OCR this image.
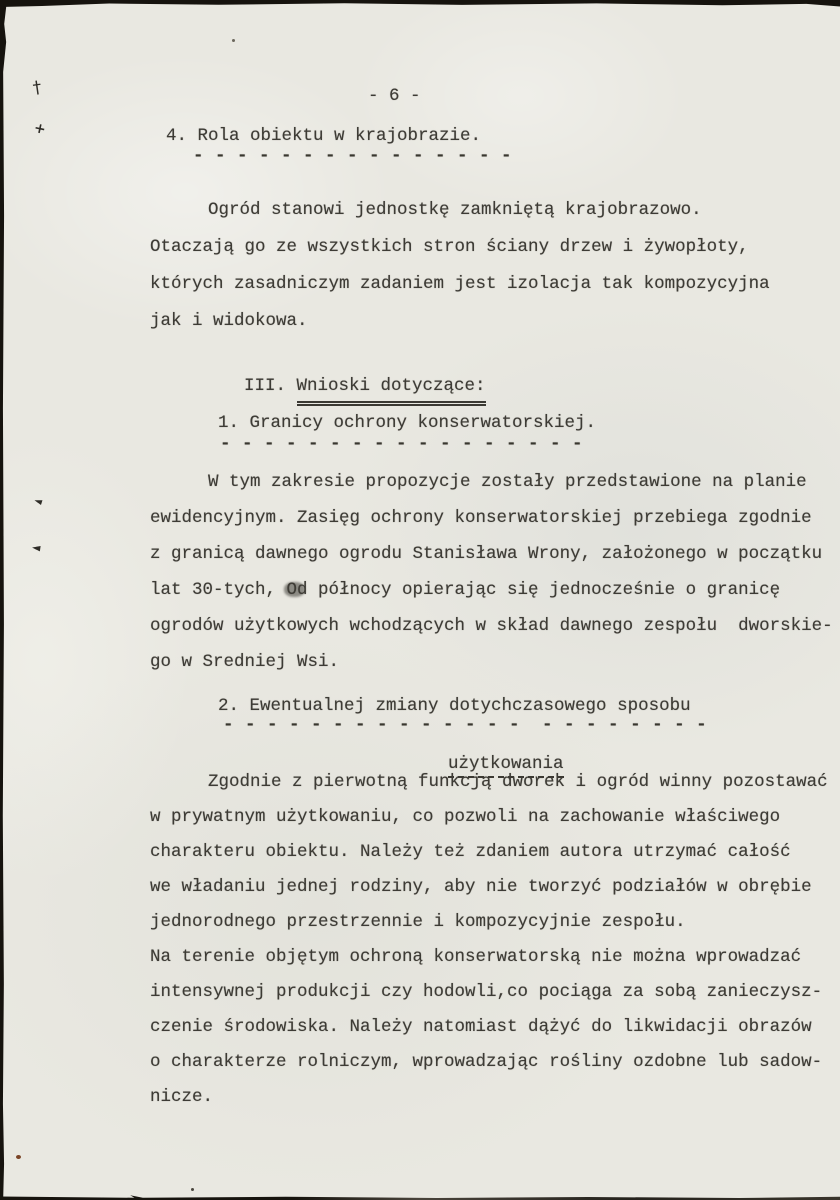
†
+
◄
◄
- 6 -
4. Rola obiektu w krajobrazie.
- - - - - - - - - - - - - - -
Ogród stanowi jednostkę zamkniętą krajobrazowo.
Otaczają go ze wszystkich stron ściany drzew i żywopłoty,
których zasadniczym zadaniem jest izolacja tak kompozycyjna
jak i widokowa.

III. Wnioski dotyczące:

1. Granicy ochrony konserwatorskiej.
- - - - - - - - - - - - - - - - -
W tym zakresie propozycje zostały przedstawione na planie
ewidencyjnym. Zasięg ochrony konserwatorskiej przebiega zgodnie
z granicą dawnego ogrodu Stanisława Wrony, założonego w początku
lat 30-tych, Od północy opierając się jednocześnie o granicę
ogrodów użytkowych wchodzących w skład dawnego zespołu  dworskie-
go w Sredniej Wsi.
2. Ewentualnej zmiany dotychczasowego sposobu
- - - - - - - - - - - - - -  - - - - - - - -

użytkowania

Zgodnie z pierwotną funkcją dworek i ogród winny pozostawać
w prywatnym użytkowaniu, co pozwoli na zachowanie właściwego
charakteru obiektu. Należy też zdaniem autora utrzymać całość
we władaniu jednej rodziny, aby nie tworzyć podziałów w obrębie
jednorodnego przestrzennie i kompozycyjnie zespołu.
Na terenie objętym ochroną konserwatorską nie można wprowadzać
intensywnej produkcji czy hodowli,co pociąga za sobą zanieczysz-
czenie środowiska. Należy natomiast dążyć do likwidacji obrazów
o charakterze rolniczym, wprowadzając rośliny ozdobne lub sadow-
nicze.
